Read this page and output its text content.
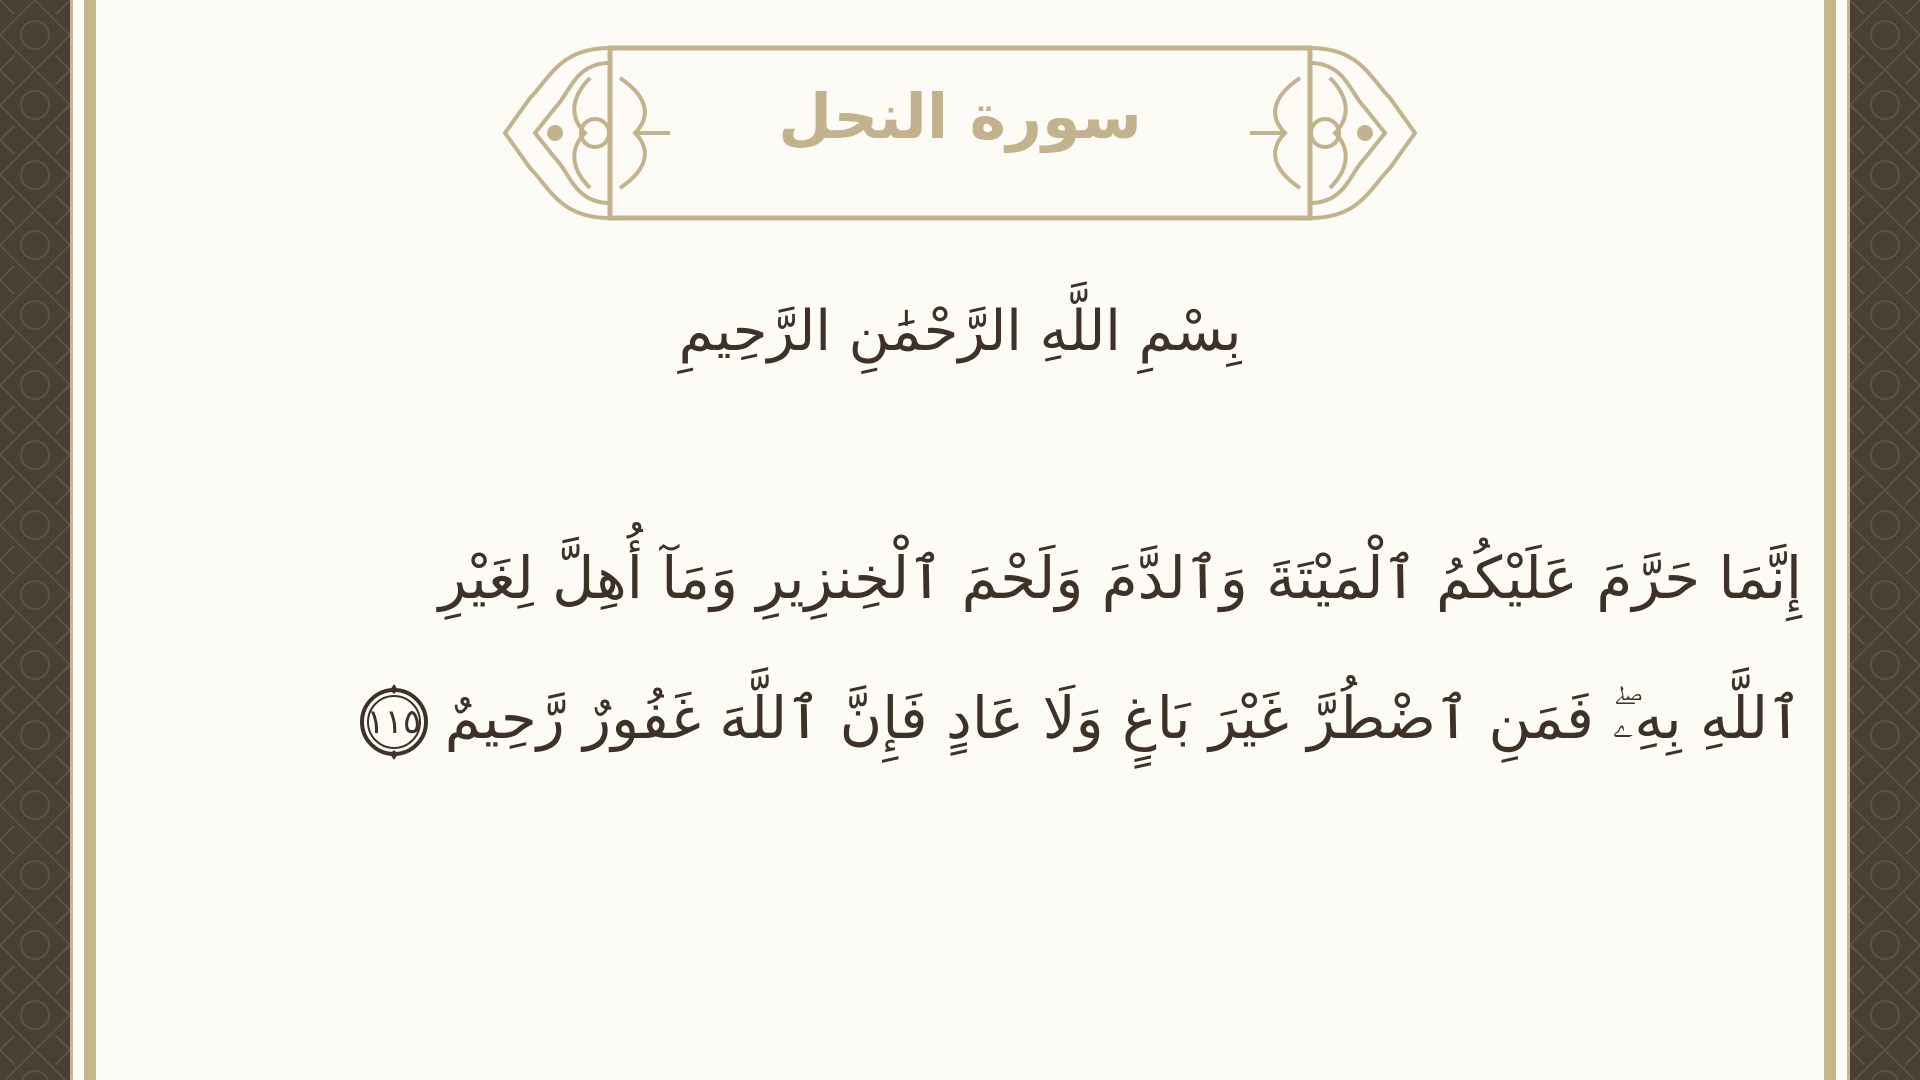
سورة النحل
بِسْمِ اللَّهِ الرَّحْمَٰنِ الرَّحِيمِ
إِنَّمَا حَرَّمَ عَلَيْكُمُ ٱلْمَيْتَةَ وَٱلدَّمَ وَلَحْمَ ٱلْخِنزِيرِ وَمَآ أُهِلَّ لِغَيْرِ
ٱللَّهِ بِهِۦۖ فَمَنِ ٱضْطُرَّ غَيْرَ بَاغٍ وَلَا عَادٍ فَإِنَّ ٱللَّهَ غَفُورٌ رَّحِيمٌ
١١٥
